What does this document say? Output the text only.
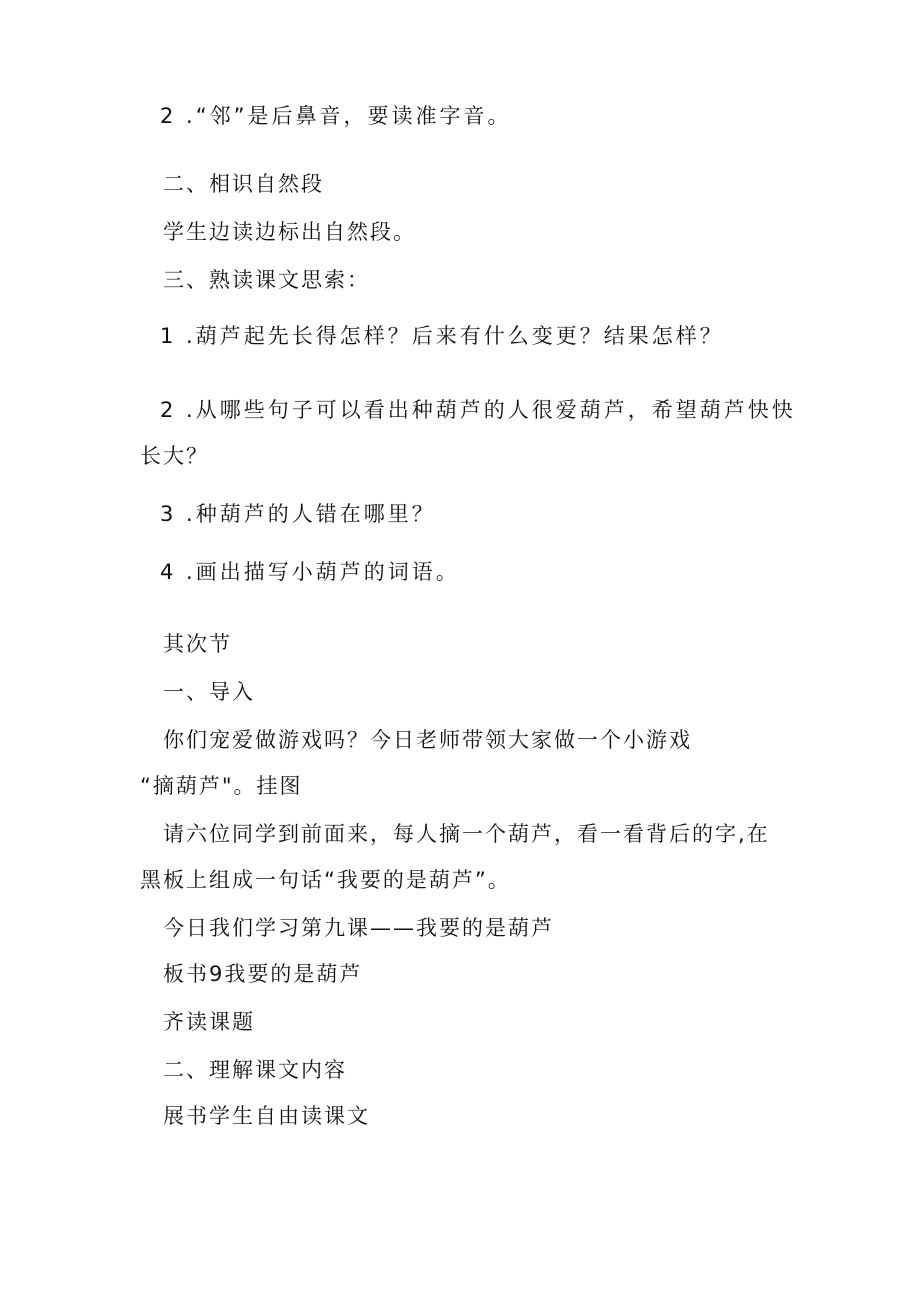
2 .“邻”是后鼻音，要读准字音。
二、相识自然段
学生边读边标出自然段。
三、熟读课文思索：
1 .葫芦起先长得怎样？后来有什么变更？结果怎样？
2 .从哪些句子可以看出种葫芦的人很爱葫芦，希望葫芦快快
长大？
3 .种葫芦的人错在哪里？
4 .画出描写小葫芦的词语。
其次节
一、导入
你们宠爱做游戏吗？今日老师带领大家做一个小游戏
“摘葫芦"。挂图
请六位同学到前面来，每人摘一个葫芦，看一看背后的字,在
黑板上组成一句话“我要的是葫芦”。
今日我们学习第九课——我要的是葫芦
板书9我要的是葫芦
齐读课题
二、理解课文内容
展书学生自由读课文
